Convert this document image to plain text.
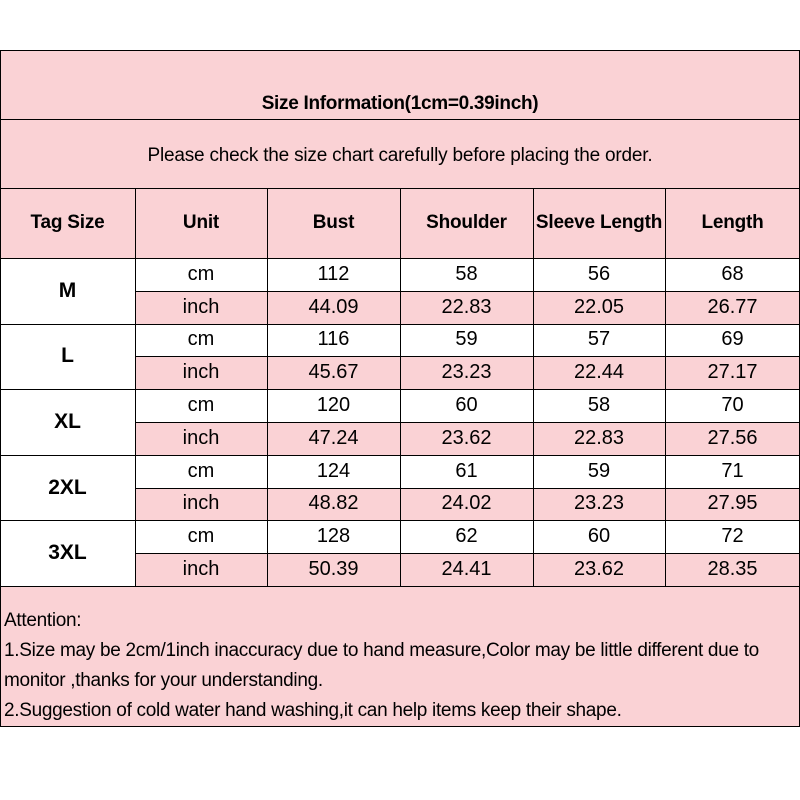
Size Information(1cm=0.39inch)
Please check the size chart carefully before placing the order.
Tag Size	Unit	Bust	Shoulder	Sleeve Length	Length
M
cm	112	58	56	68
inch	44.09	22.83	22.05	26.77
L
cm	116	59	57	69
inch	45.67	23.23	22.44	27.17
XL
cm	120	60	58	70
inch	47.24	23.62	22.83	27.56
2XL
cm	124	61	59	71
inch	48.82	24.02	23.23	27.95
3XL
cm	128	62	60	72
inch	50.39	24.41	23.62	28.35
Attention:
1.Size may be 2cm/1inch inaccuracy due to hand measure,Color may be little different due to
monitor ,thanks for your understanding.
2.Suggestion of cold water hand washing,it can help items keep their shape.
